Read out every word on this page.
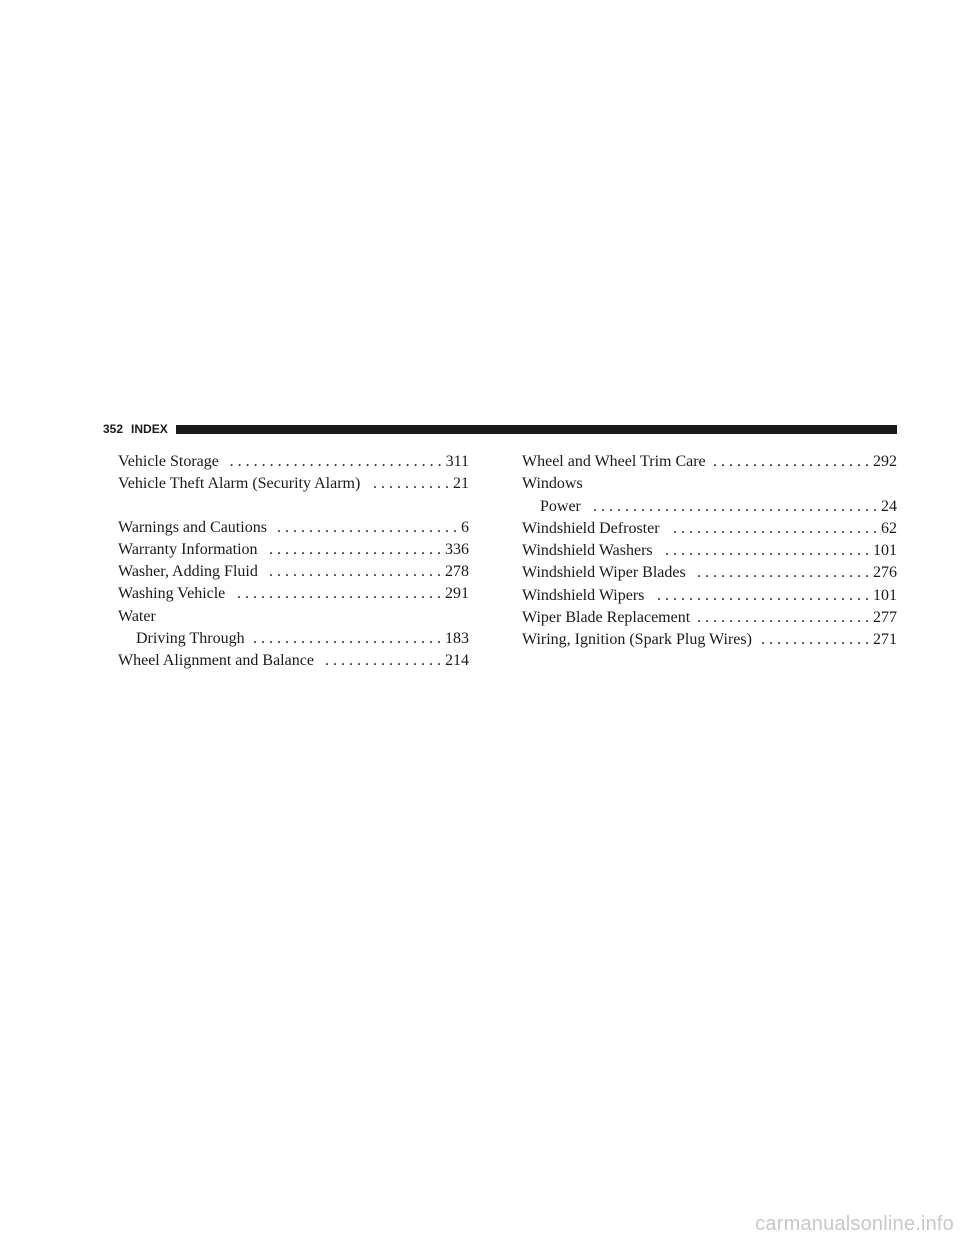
352 INDEX
Vehicle Storage . . .	311
Vehicle Theft Alarm (Security Alarm) . . .	21
Warnings and Cautions . . .	6
Warranty Information . . .	336
Washer, Adding Fluid . . .	278
Washing Vehicle . . .	291
Water
Driving Through . . .	183
Wheel Alignment and Balance . . .	214
Wheel and Wheel Trim Care . . .	292
Windows
Power . . .	24
Windshield Defroster . . .	62
Windshield Washers . . .	101
Windshield Wiper Blades . . .	276
Windshield Wipers . . .	101
Wiper Blade Replacement . . .	277
Wiring, Ignition (Spark Plug Wires) . . .	271
carmanualsonline.info
